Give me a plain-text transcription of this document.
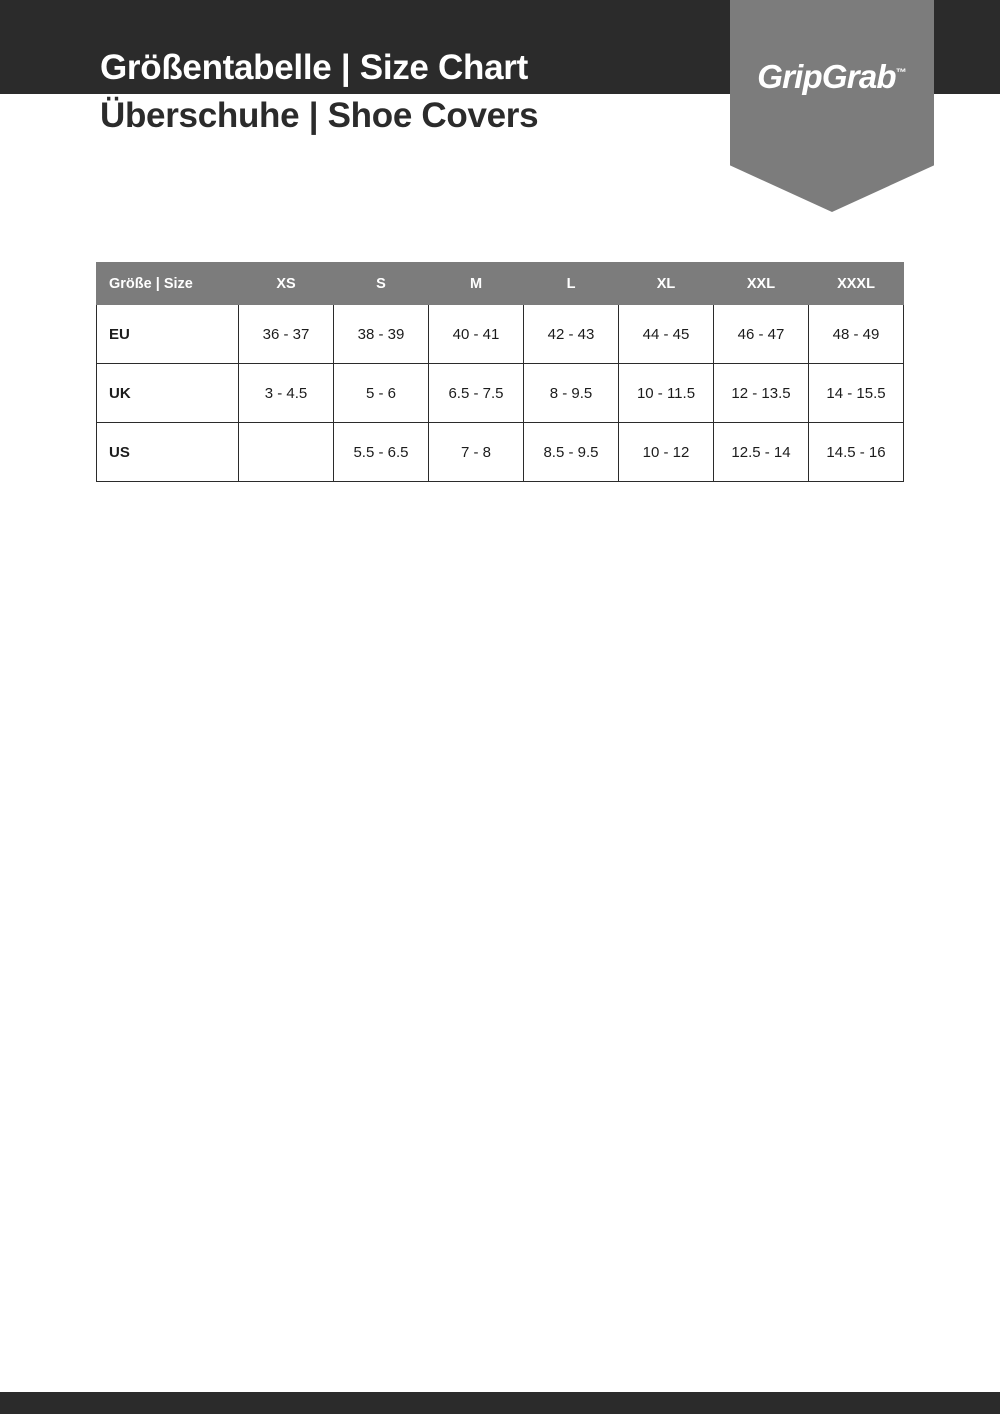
Größentabelle | Size Chart
Überschuhe | Shoe Covers
GripGrab™
Größe | Size	XS	S	M	L	XL	XXL	XXXL
EU	36 - 37	38 - 39	40 - 41	42 - 43	44 - 45	46 - 47	48 - 49
UK	3 - 4.5	5 - 6	6.5 - 7.5	8 - 9.5	10 - 11.5	12 - 13.5	14 - 15.5
US		5.5 - 6.5	7 - 8	8.5 - 9.5	10 - 12	12.5 - 14	14.5 - 16
